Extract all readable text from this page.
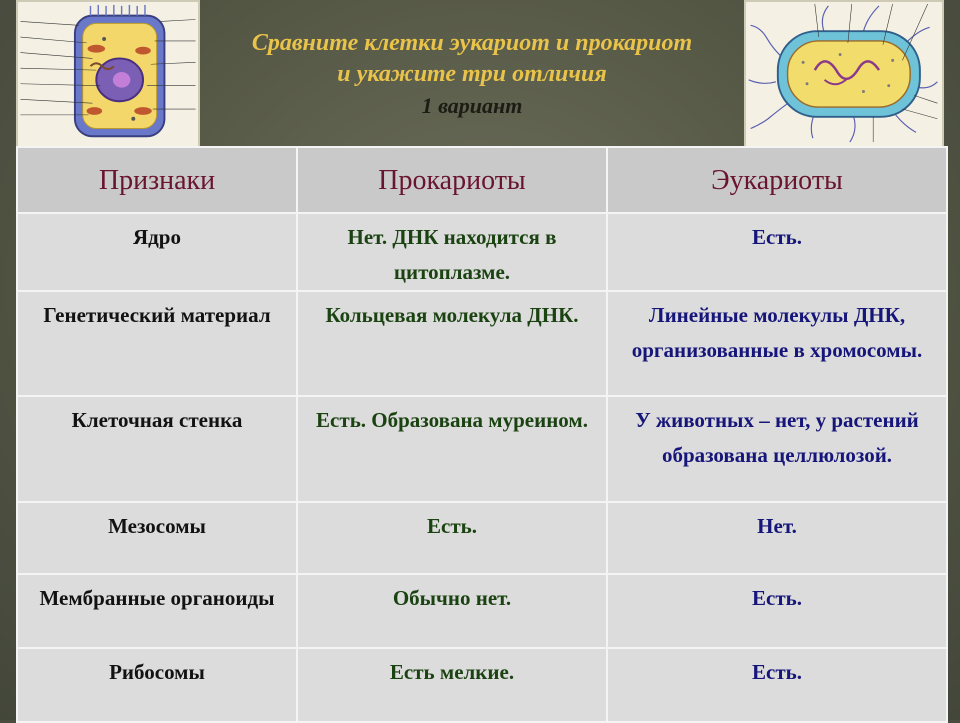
Сравните клетки эукариот и прокариот
и укажите три отличия
1 вариант
Признаки	Прокариоты	Эукариоты
Ядро	Нет. ДНК находится в цитоплазме.	Есть.
Генетический материал	Кольцевая молекула ДНК.	Линейные молекулы ДНК, организованные в хромосомы.
Клеточная стенка	Есть. Образована муреином.	У животных – нет, у растений образована целлюлозой.
Мезосомы	Есть.	Нет.
Мембранные органоиды	Обычно нет.	Есть.
Рибосомы	Есть мелкие.	Есть.
